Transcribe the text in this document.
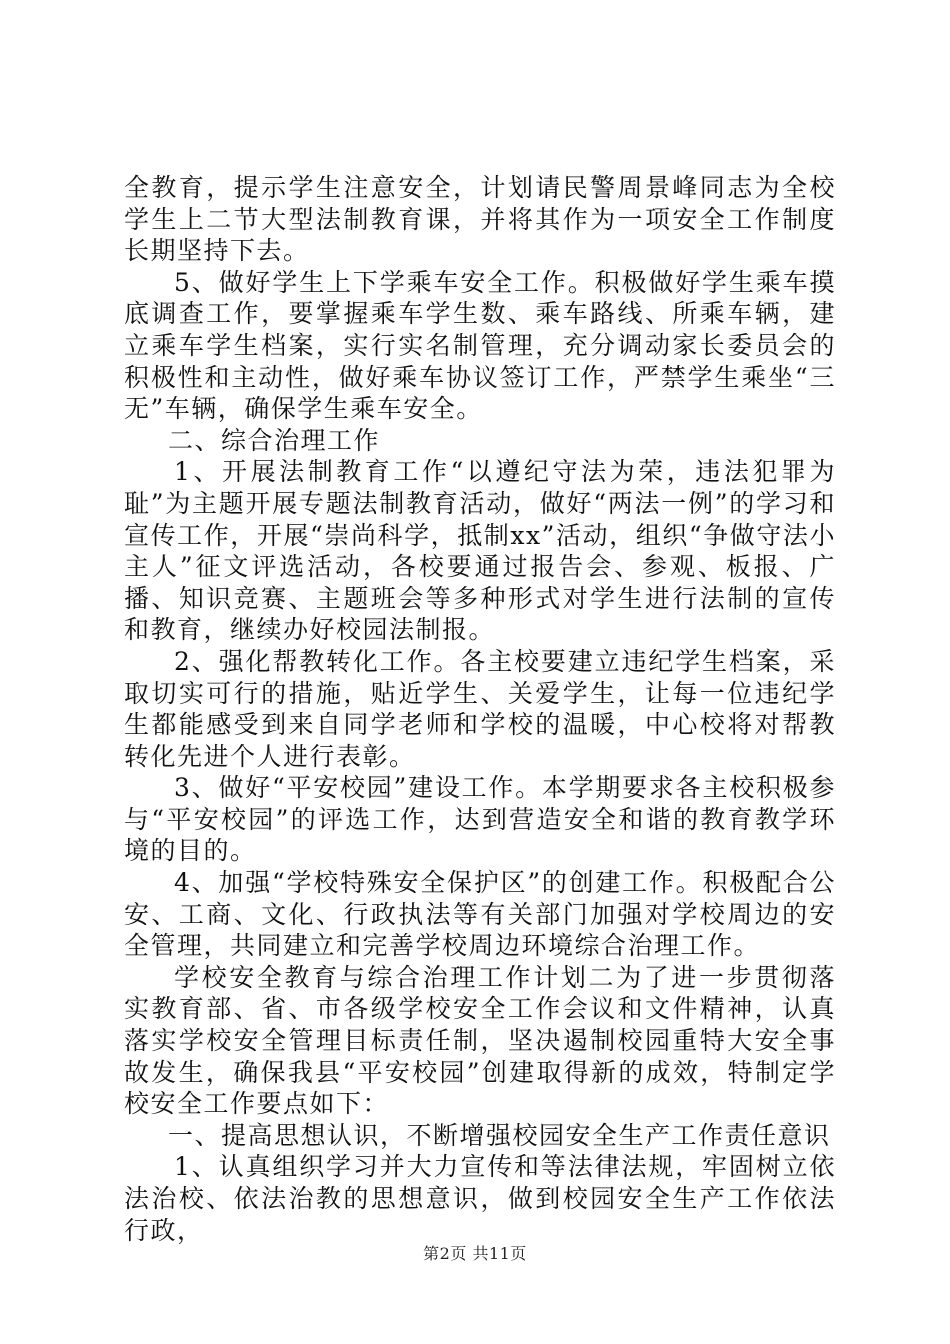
全教育，提示学生注意安全，计划请民警周景峰同志为全校学生上二节大型法制教育课，并将其作为一项安全工作制度长期坚持下去。

5、做好学生上下学乘车安全工作。积极做好学生乘车摸底调查工作，要掌握乘车学生数、乘车路线、所乘车辆，建立乘车学生档案，实行实名制管理，充分调动家长委员会的积极性和主动性，做好乘车协议签订工作，严禁学生乘坐“三无”车辆，确保学生乘车安全。

二、综合治理工作

1、开展法制教育工作“以遵纪守法为荣，违法犯罪为耻”为主题开展专题法制教育活动，做好“两法一例”的学习和宣传工作，开展“崇尚科学，抵制xx”活动，组织“争做守法小主人”征文评选活动，各校要通过报告会、参观、板报、广播、知识竞赛、主题班会等多种形式对学生进行法制的宣传和教育，继续办好校园法制报。

2、强化帮教转化工作。各主校要建立违纪学生档案，采取切实可行的措施，贴近学生、关爱学生，让每一位违纪学生都能感受到来自同学老师和学校的温暖，中心校将对帮教转化先进个人进行表彰。

3、做好“平安校园”建设工作。本学期要求各主校积极参与“平安校园”的评选工作，达到营造安全和谐的教育教学环境的目的。

4、加强“学校特殊安全保护区”的创建工作。积极配合公安、工商、文化、行政执法等有关部门加强对学校周边的安全管理，共同建立和完善学校周边环境综合治理工作。

学校安全教育与综合治理工作计划二为了进一步贯彻落实教育部、省、市各级学校安全工作会议和文件精神，认真落实学校安全管理目标责任制，坚决遏制校园重特大安全事故发生，确保我县“平安校园”创建取得新的成效，特制定学校安全工作要点如下：

一、提高思想认识，不断增强校园安全生产工作责任意识

1、认真组织学习并大力宣传和等法律法规，牢固树立依法治校、依法治教的思想意识，做到校园安全生产工作依法行政，

第2页 共11页
